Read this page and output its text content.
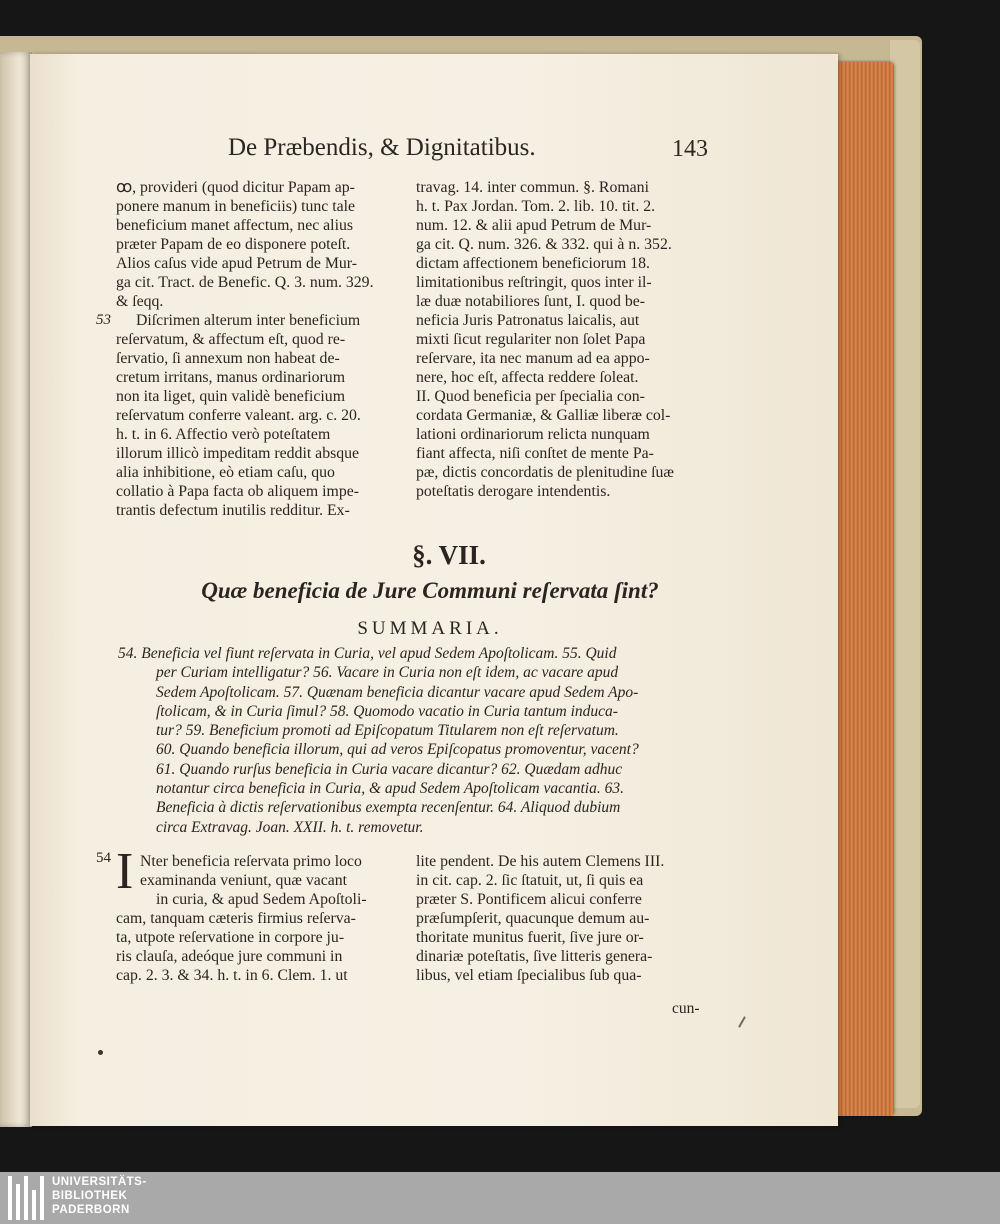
De Præbendis, & Dignitatibus.	143
ꝏ, provideri (quod dicitur Papam ap-
ponere manum in beneficiis) tunc tale
beneficium manet affectum, nec alius
præter Papam de eo disponere poteſt.
Alios caſus vide apud Petrum de Mur-
ga cit. Tract. de Benefic. Q. 3. num. 329.
& ſeqq.
Diſcrimen alterum inter beneficium
reſervatum, & affectum eſt, quod re-
ſervatio, ſi annexum non habeat de-
cretum irritans, manus ordinariorum
non ita liget, quin validè beneficium
reſervatum conferre valeant. arg. c. 20.
h. t. in 6. Affectio verò poteſtatem
illorum illicò impeditam reddit absque
alia inhibitione, eò etiam caſu, quo
collatio à Papa facta ob aliquem impe-
trantis defectum inutilis redditur. Ex-
53
travag. 14. inter commun. §. Romani
h. t. Pax Jordan. Tom. 2. lib. 10. tit. 2.
num. 12. & alii apud Petrum de Mur-
ga cit. Q. num. 326. & 332. qui à n. 352.
dictam affectionem beneficiorum 18.
limitationibus reſtringit, quos inter il-
læ duæ notabiliores ſunt, I. quod be-
neficia Juris Patronatus laicalis, aut
mixti ſicut regulariter non ſolet Papa
reſervare, ita nec manum ad ea appo-
nere, hoc eſt, affecta reddere ſoleat.
II. Quod beneficia per ſpecialia con-
cordata Germaniæ, & Galliæ liberæ col-
lationi ordinariorum relicta nunquam
fiant affecta, niſi conſtet de mente Pa-
pæ, dictis concordatis de plenitudine ſuæ
poteſtatis derogare intendentis.
§. VII.
Quæ beneficia de Jure Communi reſervata ſint?
SUMMARIA.
54. Beneficia vel fiunt reſervata in Curia, vel apud Sedem Apoſtolicam. 55. Quid
per Curiam intelligatur? 56. Vacare in Curia non eſt idem, ac vacare apud
Sedem Apoſtolicam. 57. Quænam beneficia dicantur vacare apud Sedem Apo-
ſtolicam, & in Curia ſimul? 58. Quomodo vacatio in Curia tantum induca-
tur? 59. Beneficium promoti ad Epiſcopatum Titularem non eſt reſervatum.
60. Quando beneficia illorum, qui ad veros Epiſcopatus promoventur, vacent?
61. Quando rurſus beneficia in Curia vacare dicantur? 62. Quædam adhuc
notantur circa beneficia in Curia, & apud Sedem Apoſtolicam vacantia. 63.
Beneficia à dictis reſervationibus exempta recenſentur. 64. Aliquod dubium
circa Extravag. Joan. XXII. h. t. removetur.
54 I Nter beneficia reſervata primo loco
examinanda veniunt, quæ vacant
in curia, & apud Sedem Apoſtoli-
cam, tanquam cæteris firmius reſerva-
ta, utpote reſervatione in corpore ju-
ris clauſa, adeóque jure communi in
cap. 2. 3. & 34. h. t. in 6. Clem. 1. ut
lite pendent. De his autem Clemens III.
in cit. cap. 2. ſic ſtatuit, ut, ſi quis ea
præter S. Pontificem alicui conferre
præſumpſerit, quacunque demum au-
thoritate munitus fuerit, ſive jure or-
dinariæ poteſtatis, ſive litteris genera-
libus, vel etiam ſpecialibus ſub qua-
cun-
UNIVERSITÄTS-
BIBLIOTHEK
PADERBORN
